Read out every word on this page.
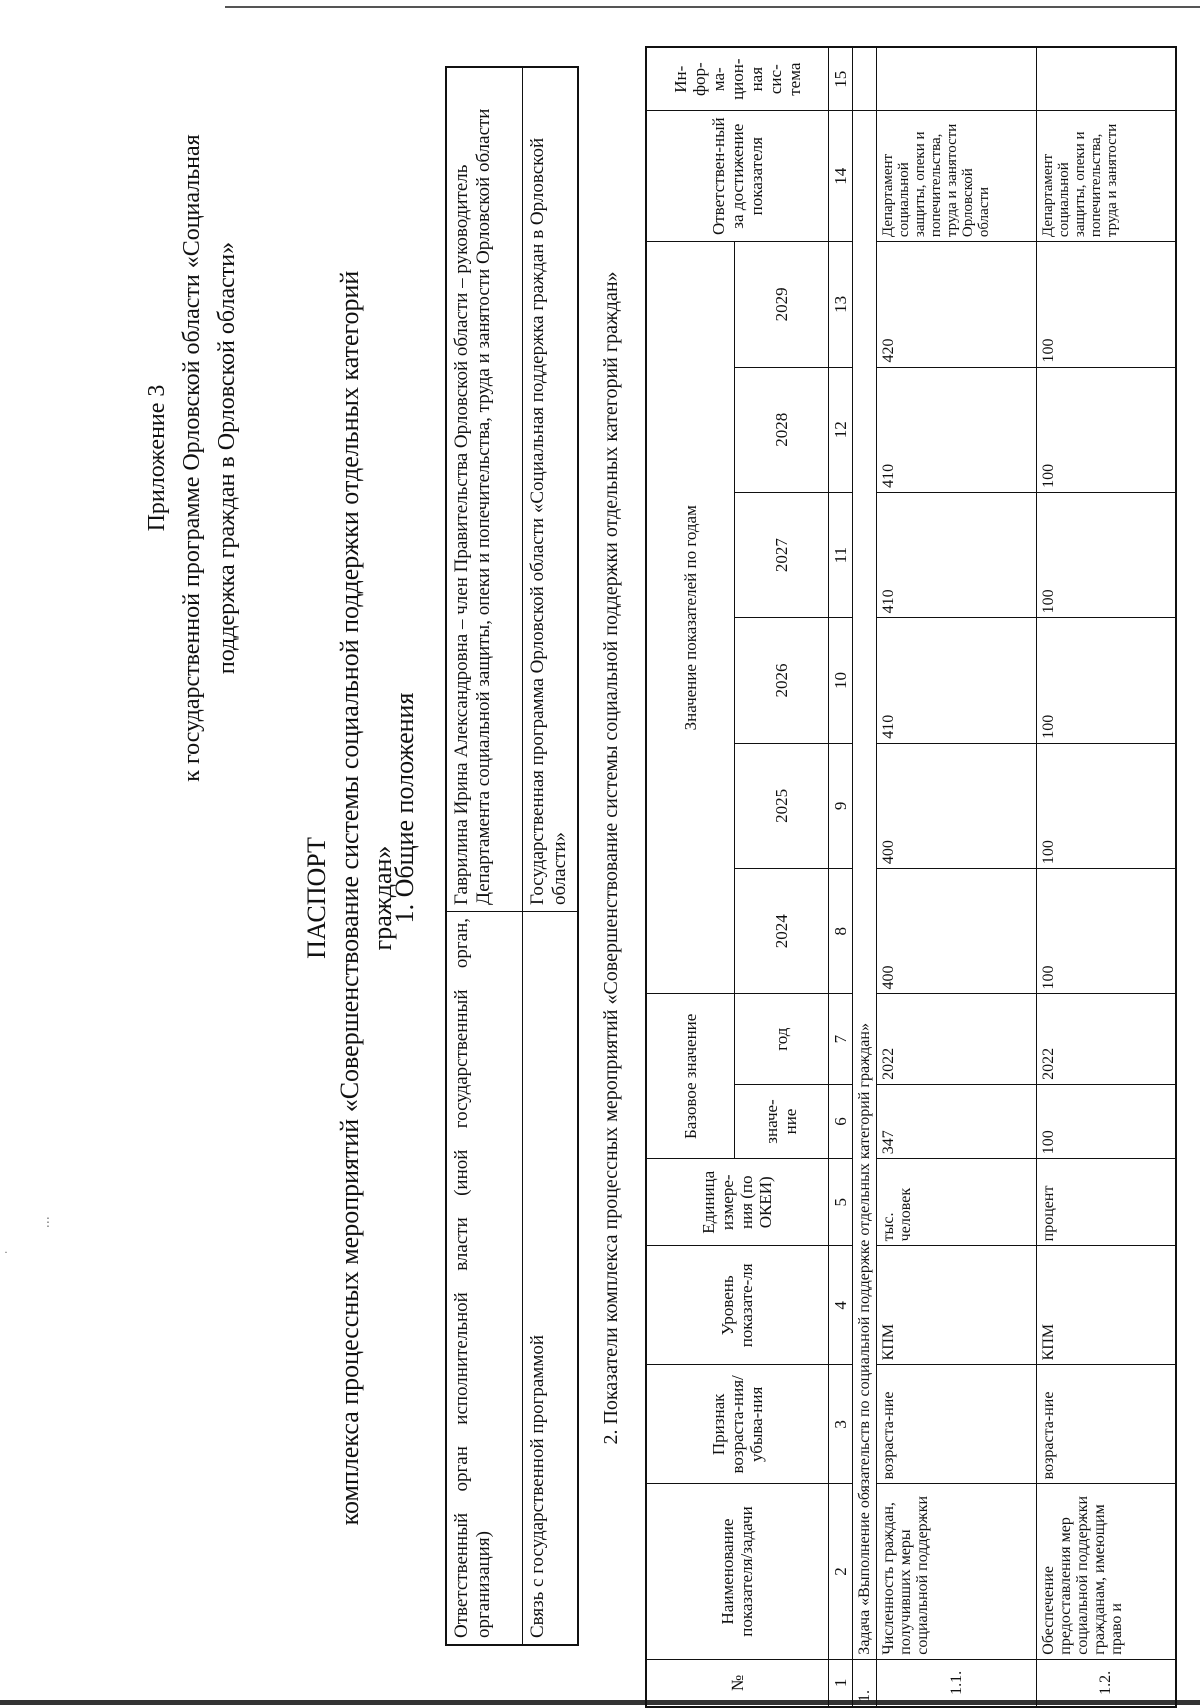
⋮
·
Приложение 3 к государственной программе Орловской области «Социальная поддержка граждан в Орловской области»
ПАСПОРТ комплекса процессных мероприятий «Совершенствование системы социальной поддержки отдельных категорий граждан»
1. Общие положения
Ответственный орган исполнительной власти (иной государственный орган, организация)	Гаврилина Ирина Александровна – член Правительства Орловской области – руководитель Департамента социальной защиты, опеки и попечительства, труда и занятости Орловской области
Связь с государственной программой	Государственная программа Орловской области «Социальная поддержка граждан в Орловской области» 2. Показатели комплекса процессных мероприятий «Совершенствование системы социальной поддержки отдельных категорий граждан»
№	Наименование показателя/задачи	Признак возраста-ния/ убыва-ния	Уровень показате-ля	Единица измере-ния (по ОКЕИ)	Базовое значение		Значение показателей по годам						Ответствен-ный за достижение показателя	Ин-фор-ма-цион-ная сис-тема
					значе-ние	год	2024	2025	2026	2027	2028	2029		
1	2	3	4	5	6	7	8	9	10	11	12	13	14	15
1.	Задача «Выполнение обязательств по социальной поддержке отдельных категорий граждан»													
1.1.	Численность граждан, получивших меры социальной поддержки	возраста-ние	КПМ	тыс. человек	347	2022	400	400	410	410	410	420	Департамент социальной защиты, опеки и попечительства, труда и занятости Орловской области	
1.2.	Обеспечение предоставления мер социальной поддержки гражданам, имеющим право и	возраста-ние	КПМ	процент	100	2022	100	100	100	100	100	100	Департамент социальной защиты, опеки и попечительства, труда и занятости	
